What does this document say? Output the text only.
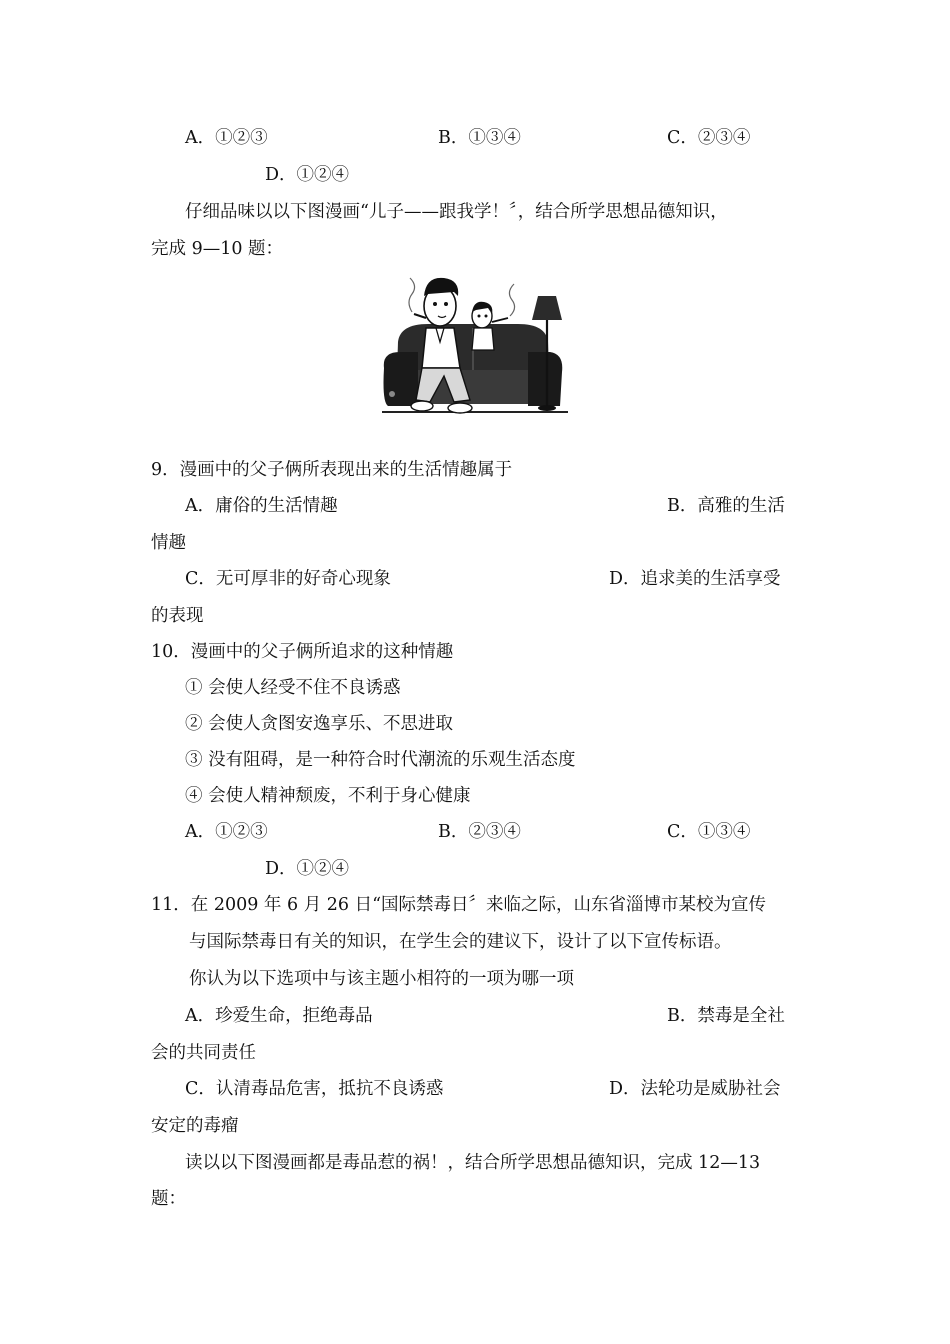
A．①②③	B．①③④	C．②③④
D．①②④
仔细品味以以下图漫画“儿子——跟我学！〞，结合所学思想品德知识，
完成 9—10 题：
9．漫画中的父子俩所表现出来的生活情趣属于
A．庸俗的生活情趣	B．高雅的生活
情趣
C．无可厚非的好奇心现象	D．追求美的生活享受
的表现
10．漫画中的父子俩所追求的这种情趣
① 会使人经受不住不良诱惑
② 会使人贪图安逸享乐、不思进取
③ 没有阻碍，是一种符合时代潮流的乐观生活态度
④ 会使人精神颓废，不利于身心健康
A．①②③	B．②③④	C．①③④
D．①②④
11．在 2009 年 6 月 26 日“国际禁毒日〞来临之际，山东省淄博市某校为宣传
与国际禁毒日有关的知识，在学生会的建议下，设计了以下宣传标语。
你认为以下选项中与该主题小相符的一项为哪一项
A．珍爱生命，拒绝毒品	B．禁毒是全社
会的共同责任
C．认清毒品危害，抵抗不良诱惑	D．法轮功是威胁社会
安定的毒瘤
读以以下图漫画都是毒品惹的祸！，结合所学思想品德知识，完成 12—13
题：
